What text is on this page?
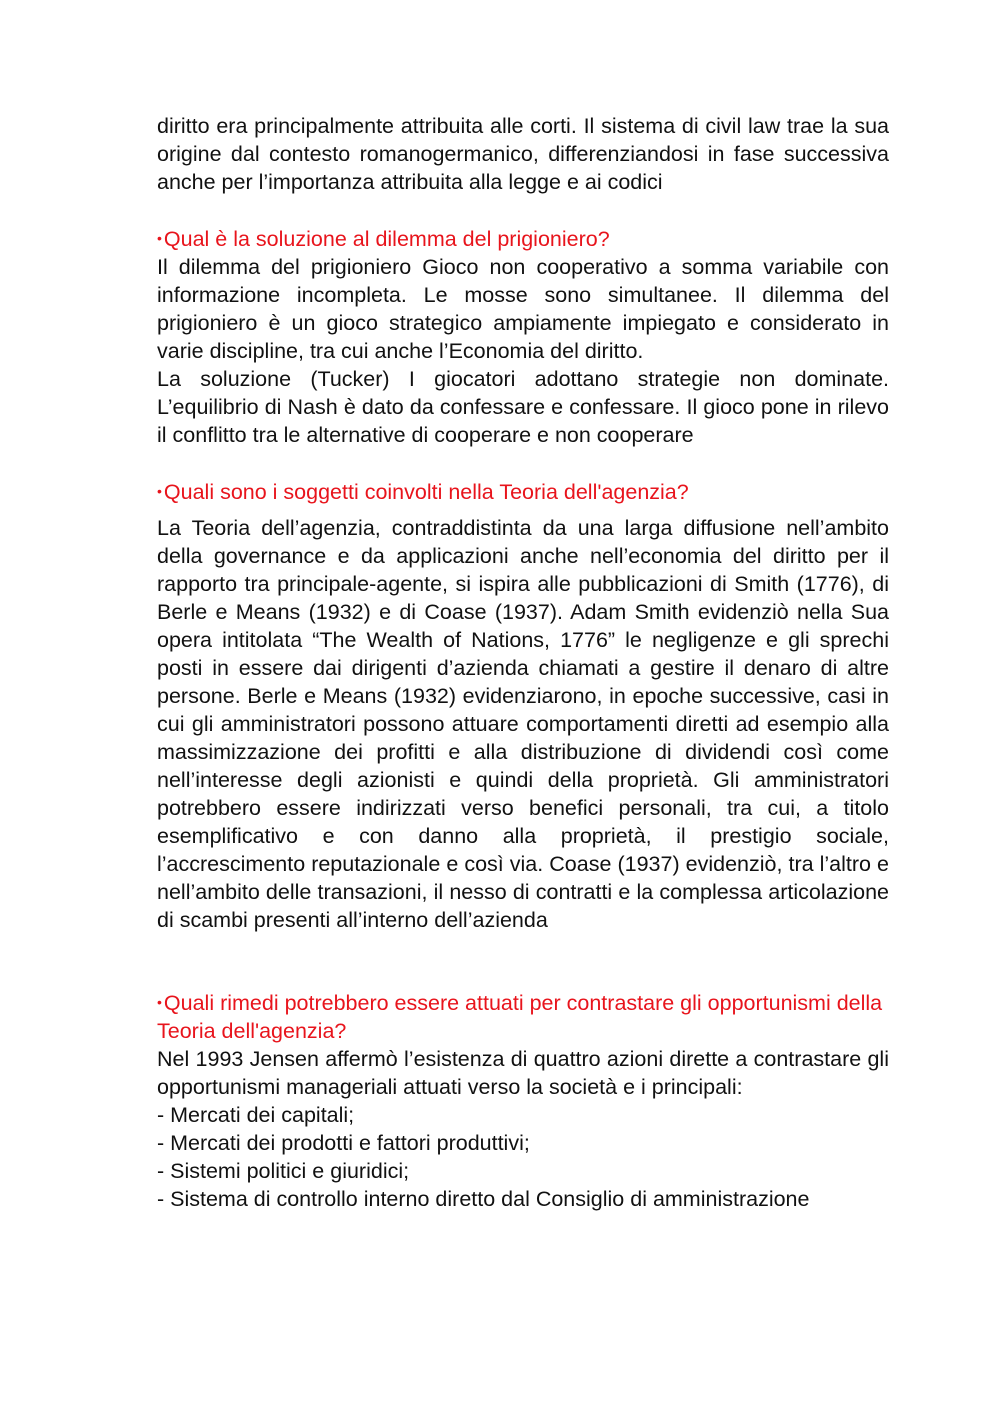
diritto era principalmente attribuita alle corti. Il sistema di civil law trae la sua origine dal contesto romanogermanico, differenziandosi in fase successiva anche per l’importanza attribuita alla legge e ai codici

•Qual è la soluzione al dilemma del prigioniero?

Il dilemma del prigioniero Gioco non cooperativo a somma variabile con informazione incompleta. Le mosse sono simultanee. Il dilemma del prigioniero è un gioco strategico ampiamente impiegato e considerato in varie discipline, tra cui anche l’Economia del diritto.

La soluzione (Tucker) I giocatori adottano strategie non dominate. L’equilibrio di Nash è dato da confessare e confessare. Il gioco pone in rilevo il conflitto tra le alternative di cooperare e non cooperare

•Quali sono i soggetti coinvolti nella Teoria dell'agenzia?

La Teoria dell’agenzia, contraddistinta da una larga diffusione nell’ambito della governance e da applicazioni anche nell’economia del diritto per il rapporto tra principale-agente, si ispira alle pubblicazioni di Smith (1776), di Berle e Means (1932) e di Coase (1937). Adam Smith evidenziò nella Sua opera intitolata “The Wealth of Nations, 1776” le negligenze e gli sprechi posti in essere dai dirigenti d’azienda chiamati a gestire il denaro di altre persone. Berle e Means (1932) evidenziarono, in epoche successive, casi in cui gli amministratori possono attuare comportamenti diretti ad esempio alla massimizzazione dei profitti e alla distribuzione di dividendi così come nell’interesse degli azionisti e quindi della proprietà. Gli amministratori potrebbero essere indirizzati verso benefici personali, tra cui, a titolo esemplificativo e con danno alla proprietà, il prestigio sociale, l’accrescimento reputazionale e così via. Coase (1937) evidenziò, tra l’altro e nell’ambito delle transazioni, il nesso di contratti e la complessa articolazione di scambi presenti all’interno dell’azienda

•Quali rimedi potrebbero essere attuati per contrastare gli opportunismi della Teoria dell'agenzia?

Nel 1993 Jensen affermò l’esistenza di quattro azioni dirette a contrastare gli opportunismi manageriali attuati verso la società e i principali:

- Mercati dei capitali;
- Mercati dei prodotti e fattori produttivi;
- Sistemi politici e giuridici;
- Sistema di controllo interno diretto dal Consiglio di amministrazione
